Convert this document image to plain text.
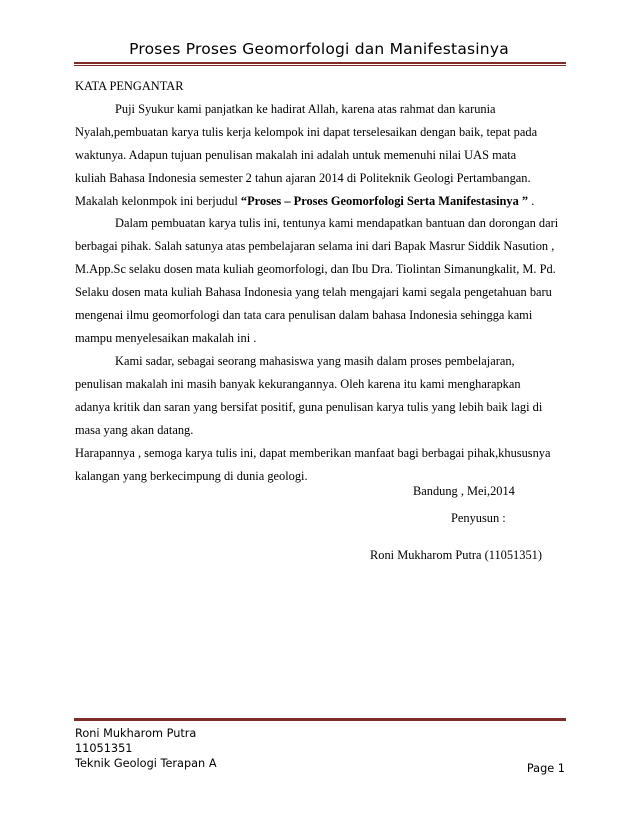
Proses Proses Geomorfologi dan Manifestasinya
KATA PENGANTAR
Puji Syukur kami panjatkan ke hadirat Allah, karena atas rahmat dan karunia
Nyalah,pembuatan karya tulis kerja kelompok ini dapat terselesaikan dengan baik, tepat pada
waktunya. Adapun tujuan penulisan makalah ini adalah untuk memenuhi nilai UAS mata
kuliah Bahasa Indonesia semester 2 tahun ajaran 2014 di Politeknik Geologi Pertambangan.
Makalah kelonmpok ini berjudul “Proses – Proses Geomorfologi Serta Manifestasinya ” .
Dalam pembuatan karya tulis ini, tentunya kami mendapatkan bantuan dan dorongan dari
berbagai pihak. Salah satunya atas pembelajaran selama ini dari Bapak Masrur Siddik Nasution ,
M.App.Sc selaku dosen mata kuliah geomorfologi, dan Ibu Dra. Tiolintan Simanungkalit, M. Pd.
Selaku dosen mata kuliah Bahasa Indonesia yang telah mengajari kami segala pengetahuan baru
mengenai ilmu geomorfologi dan tata cara penulisan dalam bahasa Indonesia sehingga kami
mampu menyelesaikan makalah ini .
Kami sadar, sebagai seorang mahasiswa yang masih dalam proses pembelajaran,
penulisan makalah ini masih banyak kekurangannya. Oleh karena itu kami mengharapkan
adanya kritik dan saran yang bersifat positif, guna penulisan karya tulis yang lebih baik lagi di
masa yang akan datang.
Harapannya , semoga karya tulis ini, dapat memberikan manfaat bagi berbagai pihak,khususnya
kalangan yang berkecimpung di dunia geologi.
Bandung , Mei,2014
Penyusun :
Roni Mukharom Putra (11051351)
Roni Mukharom Putra
11051351
Teknik Geologi Terapan A	Page 1
